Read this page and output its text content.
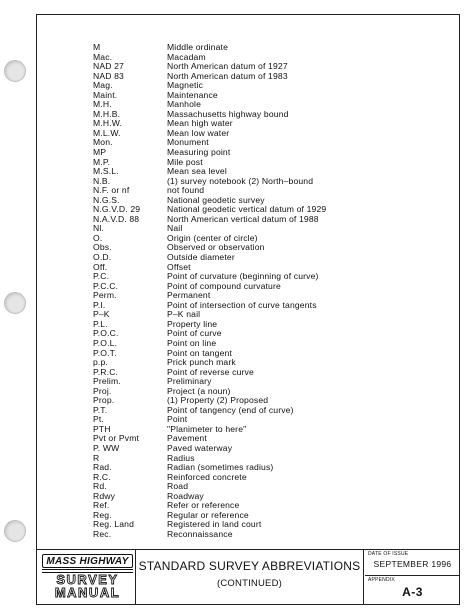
M	Middle ordinate
Mac.	Macadam
NAD 27	North American datum of 1927
NAD 83	North American datum of 1983
Mag.	Magnetic
Maint.	Maintenance
M.H.	Manhole
M.H.B.	Massachusetts highway bound
M.H.W.	Mean high water
M.L.W.	Mean low water
Mon.	Monument
MP	Measuring point
M.P.	Mile post
M.S.L.	Mean sea level
N.B.	(1) survey notebook (2) North–bound
N.F. or nf	not found
N.G.S.	National geodetic survey
N.G.V.D. 29	National geodetic vertical datum of 1929
N.A.V.D. 88	North American vertical datum of 1988
Nl.	Nail
O.	Origin (center of circle)
Obs.	Observed or observation
O.D.	Outside diameter
Off.	Offset
P.C.	Point of curvature (beginning of curve)
P.C.C.	Point of compound curvature
Perm.	Permanent
P.I.	Point of intersection of curve tangents
P–K	P–K nail
P.L.	Property line
P.O.C.	Point of curve
P.O.L.	Point on line
P.O.T.	Point on tangent
p.p.	Prick punch mark
P.R.C.	Point of reverse curve
Prelim.	Preliminary
Proj.	Project (a noun)
Prop.	(1) Property (2) Proposed
P.T.	Point of tangency (end of curve)
Pt.	Point
PTH	"Planimeter to here"
Pvt or Pvmt	Pavement
P. WW	Paved waterway
R	Radius
Rad.	Radian (sometimes radius)
R.C.	Reinforced concrete
Rd.	Road
Rdwy	Roadway
Ref.	Refer or reference
Reg.	Regular or reference
Reg. Land	Registered in land court
Rec.	Reconnaissance
MASS HIGHWAY
SURVEY
MANUAL
STANDARD SURVEY ABBREVIATIONS
(CONTINUED)
DATE OF ISSUE
SEPTEMBER 1996
APPENDIX
A-3
